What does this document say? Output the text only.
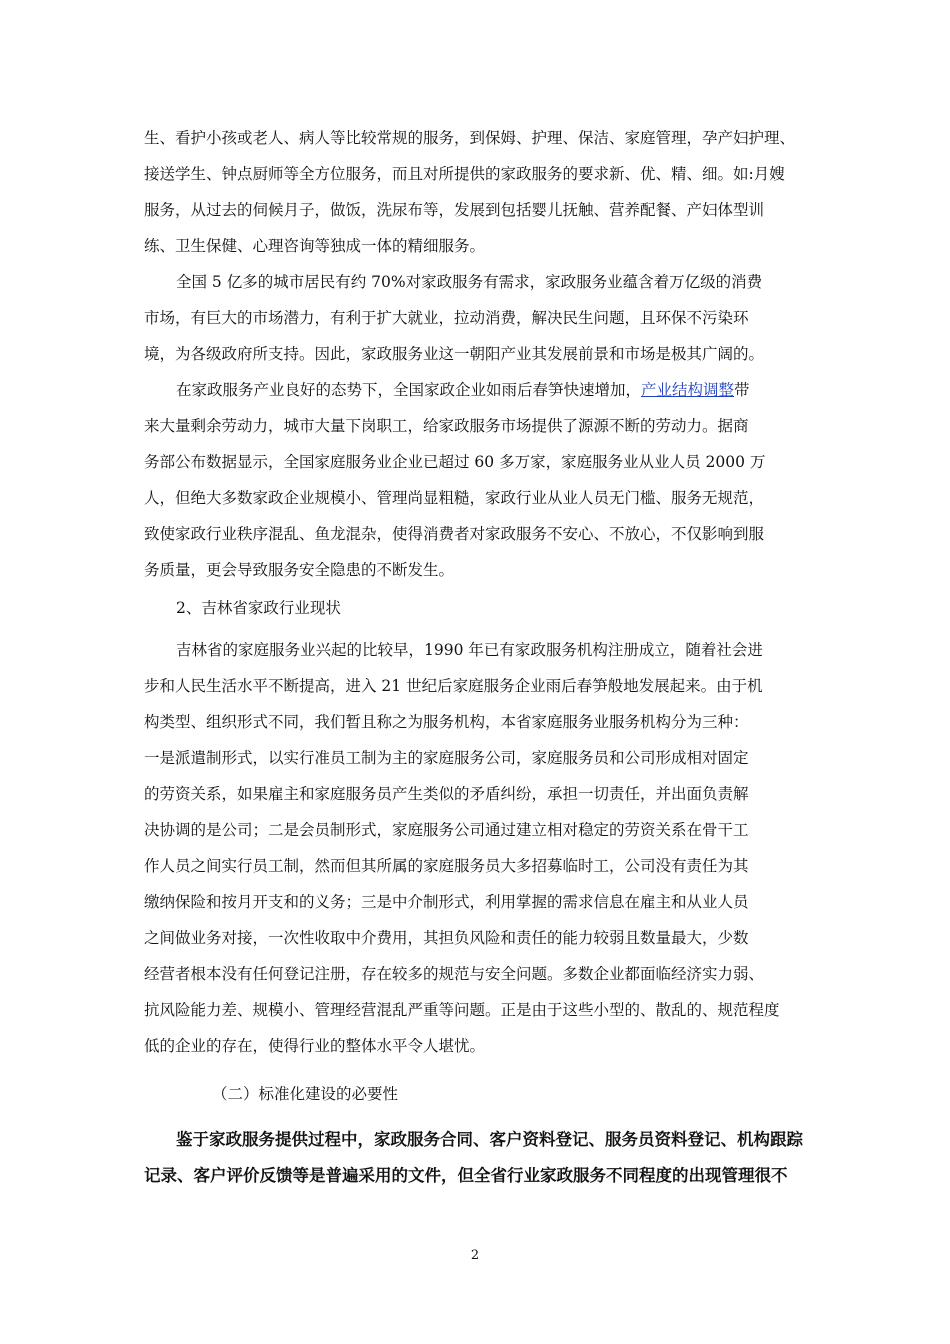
生、看护小孩或老人、病人等比较常规的服务，到保姆、护理、保洁、家庭管理，孕产妇护理、
接送学生、钟点厨师等全方位服务，而且对所提供的家政服务的要求新、优、精、细。如:月嫂
服务，从过去的伺候月子，做饭，洗尿布等，发展到包括婴儿抚触、营养配餐、产妇体型训
练、卫生保健、心理咨询等独成一体的精细服务。
全国 5 亿多的城市居民有约 70%对家政服务有需求，家政服务业蕴含着万亿级的消费
市场，有巨大的市场潜力，有利于扩大就业，拉动消费，解决民生问题，且环保不污染环
境，为各级政府所支持。因此，家政服务业这一朝阳产业其发展前景和市场是极其广阔的。
在家政服务产业良好的态势下，全国家政企业如雨后春笋快速增加，产业结构调整带
来大量剩余劳动力，城市大量下岗职工，给家政服务市场提供了源源不断的劳动力。据商
务部公布数据显示，全国家庭服务业企业已超过 60 多万家，家庭服务业从业人员 2000 万
人，但绝大多数家政企业规模小、管理尚显粗糙，家政行业从业人员无门槛、服务无规范，
致使家政行业秩序混乱、鱼龙混杂，使得消费者对家政服务不安心、不放心，不仅影响到服
务质量，更会导致服务安全隐患的不断发生。
2、吉林省家政行业现状
吉林省的家庭服务业兴起的比较早，1990 年已有家政服务机构注册成立，随着社会进
步和人民生活水平不断提高，进入 21 世纪后家庭服务企业雨后春笋般地发展起来。由于机
构类型、组织形式不同，我们暂且称之为服务机构，本省家庭服务业服务机构分为三种：
一是派遣制形式，以实行准员工制为主的家庭服务公司，家庭服务员和公司形成相对固定
的劳资关系，如果雇主和家庭服务员产生类似的矛盾纠纷，承担一切责任，并出面负责解
决协调的是公司；二是会员制形式，家庭服务公司通过建立相对稳定的劳资关系在骨干工
作人员之间实行员工制，然而但其所属的家庭服务员大多招募临时工，公司没有责任为其
缴纳保险和按月开支和的义务；三是中介制形式，利用掌握的需求信息在雇主和从业人员
之间做业务对接，一次性收取中介费用，其担负风险和责任的能力较弱且数量最大，少数
经营者根本没有任何登记注册，存在较多的规范与安全问题。多数企业都面临经济实力弱、
抗风险能力差、规模小、管理经营混乱严重等问题。正是由于这些小型的、散乱的、规范程度
低的企业的存在，使得行业的整体水平令人堪忧。
（二）标准化建设的必要性
鉴于家政服务提供过程中，家政服务合同、客户资料登记、服务员资料登记、机构跟踪
记录、客户评价反馈等是普遍采用的文件，但全省行业家政服务不同程度的出现管理很不
2
